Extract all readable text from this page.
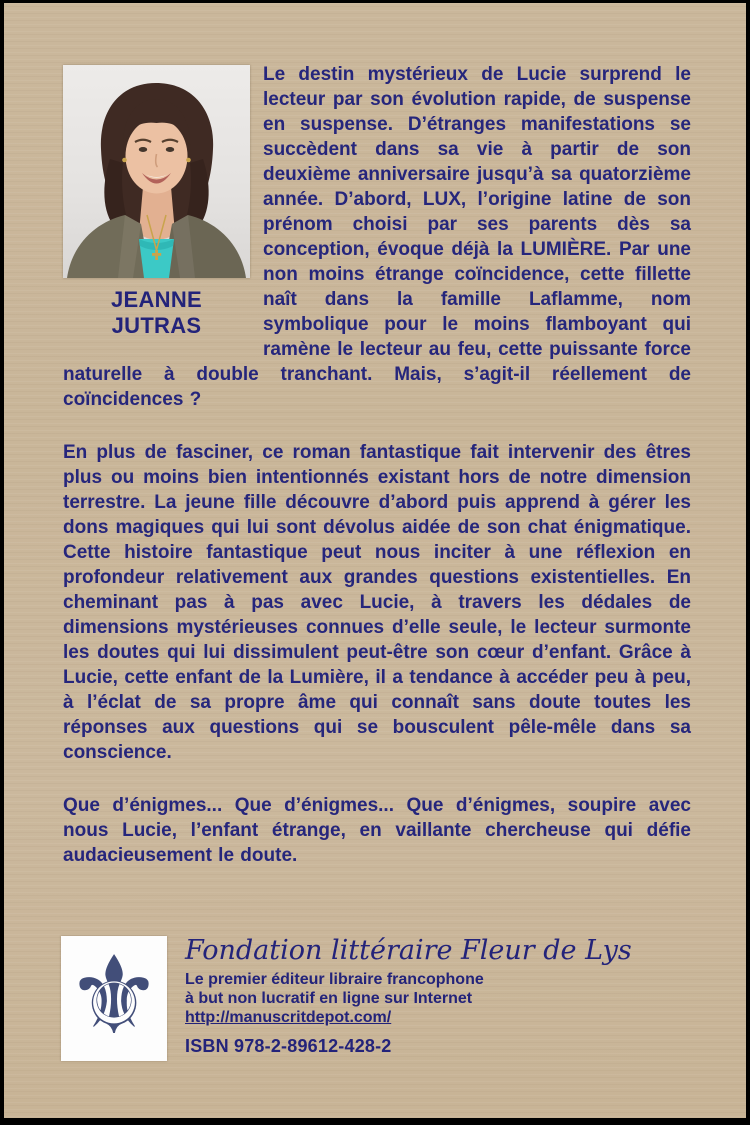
JEANNE JUTRAS

Le destin mystérieux de Lucie surprend le lecteur par son évolution rapide, de suspense en suspense. D’étranges manifestations se succèdent dans sa vie à partir de son deuxième anniversaire jusqu’à sa quatorzième année. D’abord, LUX, l’origine latine de son prénom choisi par ses parents dès sa conception, évoque déjà la LUMIÈRE. Par une non moins étrange coïncidence, cette fillette naît dans la famille Laflamme, nom symbolique pour le moins flamboyant qui ramène le lecteur au feu, cette puissante force naturelle à double tranchant. Mais, s’agit-il réellement de coïncidences ?

En plus de fasciner, ce roman fantastique fait intervenir des êtres plus ou moins bien intentionnés existant hors de notre dimension terrestre. La jeune fille découvre d’abord puis apprend à gérer les dons magiques qui lui sont dévolus aidée de son chat énigmatique. Cette histoire fantastique peut nous inciter à une réflexion en profondeur relativement aux grandes questions existentielles. En cheminant pas à pas avec Lucie, à travers les dédales de dimensions mystérieuses connues d’elle seule, le lecteur surmonte les doutes qui lui dissimulent peut-être son cœur d’enfant. Grâce à Lucie, cette enfant de la Lumière, il a tendance à accéder peu à peu, à l’éclat de sa propre âme qui connaît sans doute toutes les réponses aux questions qui se bousculent pêle-mêle dans sa conscience.

Que d’énigmes... Que d’énigmes... Que d’énigmes, soupire avec nous Lucie, l’enfant étrange, en vaillante chercheuse qui défie audacieusement le doute.

⚜ Fondation littéraire Fleur de Lys
Le premier éditeur libraire francophone
à but non lucratif en ligne sur Internet
http://manuscritdepot.com/
ISBN 978-2-89612-428-2
